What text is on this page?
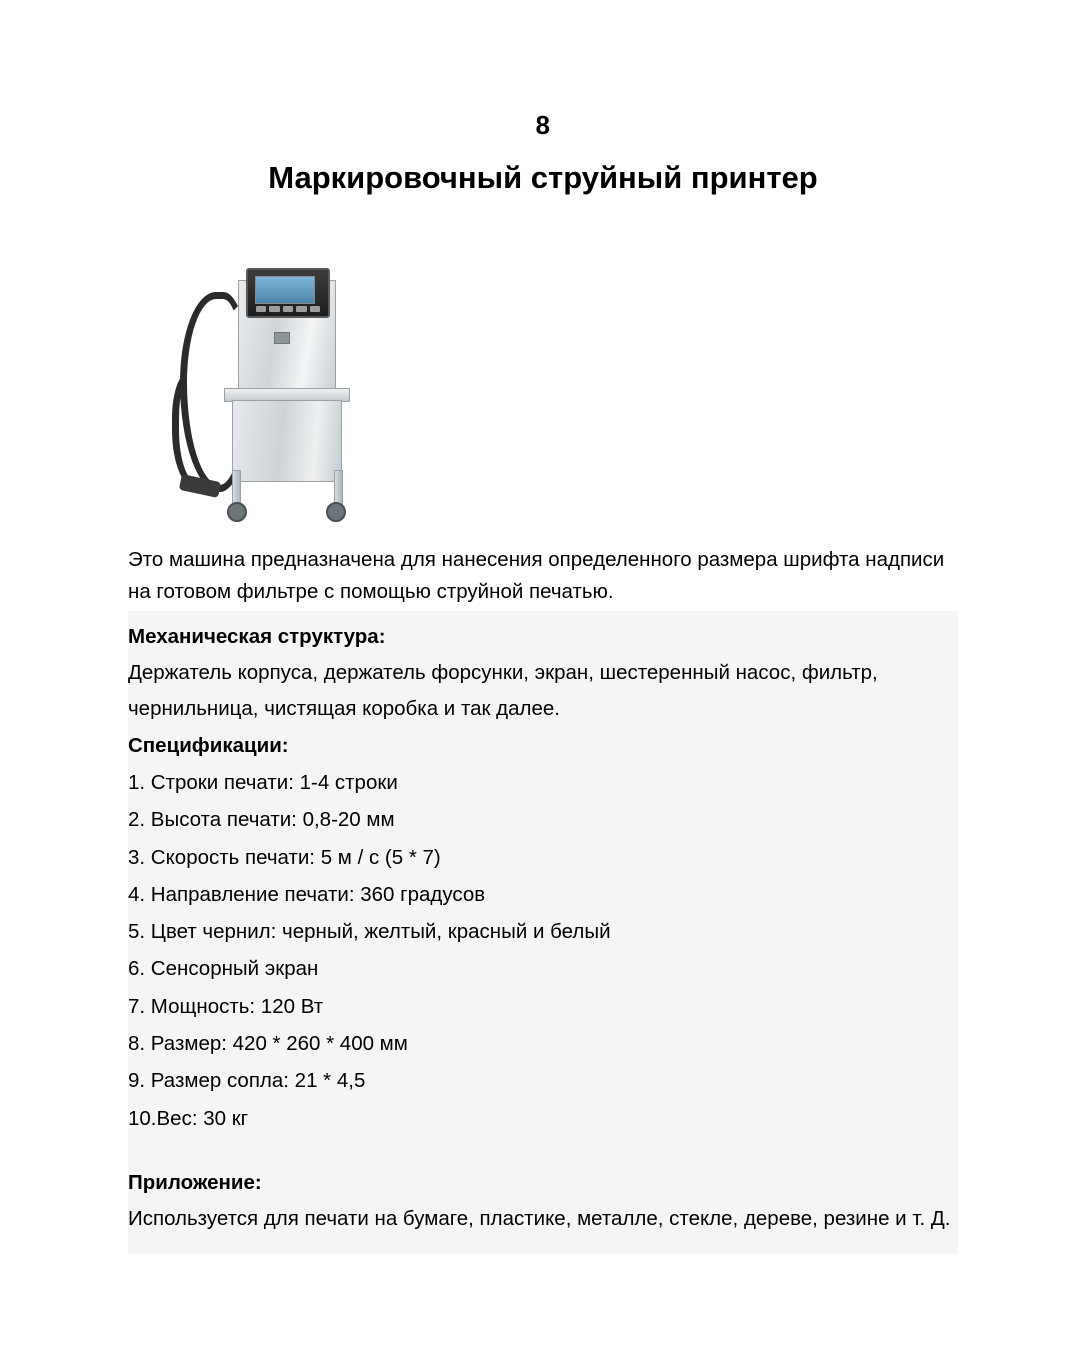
8
Маркировочный струйный принтер

Это машина предназначена для нанесения определенного размера шрифта надписи на готовом фильтре с помощью струйной печатью.

Механическая структура:

Держатель корпуса, держатель форсунки, экран, шестеренный насос, фильтр, чернильница, чистящая коробка и так далее.

Спецификации:
1. Строки печати: 1-4 строки
2. Высота печати: 0,8-20 мм
3. Скорость печати: 5 м / с (5 * 7)
4. Направление печати: 360 градусов
5. Цвет чернил: черный, желтый, красный и белый
6. Сенсорный экран
7. Мощность: 120 Вт
8. Размер: 420 * 260 * 400 мм
9. Размер сопла: 21 * 4,5
10.Вес: 30 кг
Приложение:

Используется для печати на бумаге, пластике, металле, стекле, дереве, резине и т. Д.
